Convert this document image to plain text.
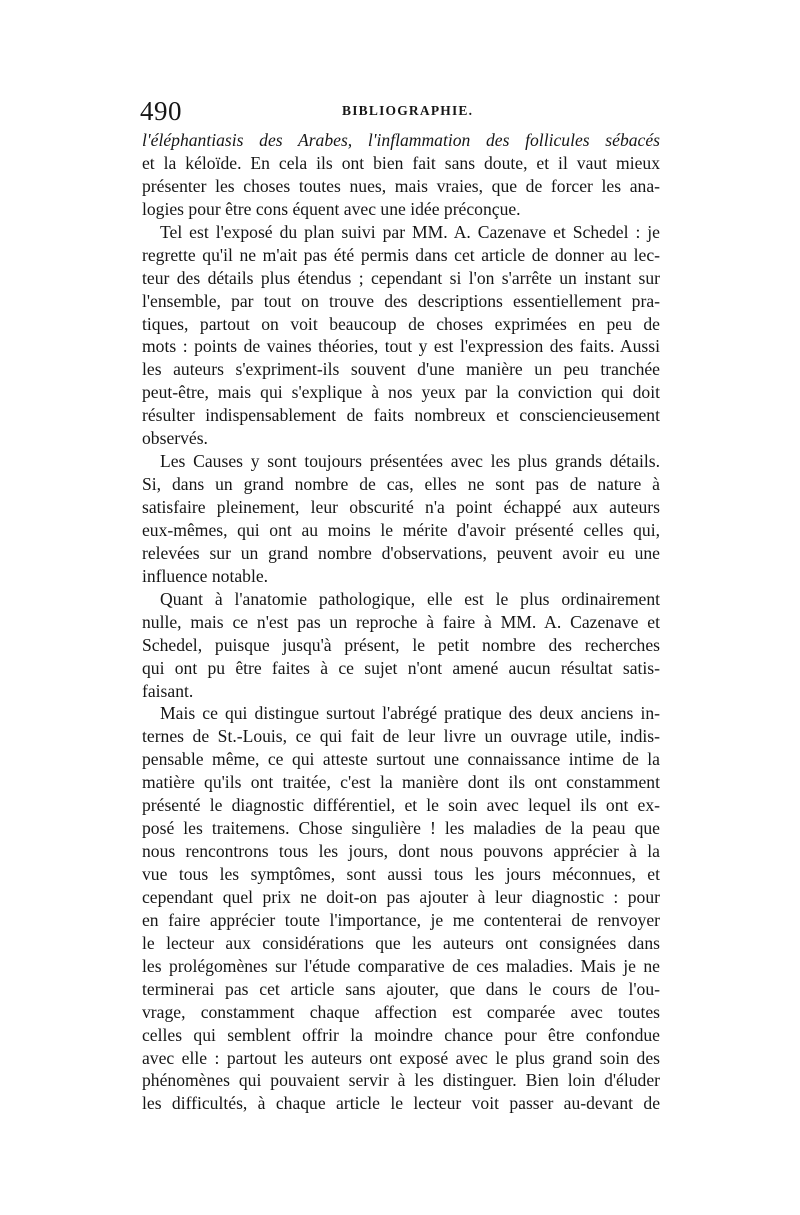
490	BIBLIOGRAPHIE.

l'éléphantiasis des Arabes, l'inflammation des follicules sébacés
et la kéloïde. En cela ils ont bien fait sans doute, et il vaut mieux
présenter les choses toutes nues, mais vraies, que de forcer les ana-
logies pour être cons équent avec une idée préconçue.

Tel est l'exposé du plan suivi par MM. A. Cazenave et Schedel : je
regrette qu'il ne m'ait pas été permis dans cet article de donner au lec-
teur des détails plus étendus ; cependant si l'on s'arrête un instant sur
l'ensemble, par tout on trouve des descriptions essentiellement pra-
tiques, partout on voit beaucoup de choses exprimées en peu de
mots : points de vaines théories, tout y est l'expression des faits. Aussi
les auteurs s'expriment-ils souvent d'une manière un peu tranchée
peut-être, mais qui s'explique à nos yeux par la conviction qui doit
résulter indispensablement de faits nombreux et consciencieusement
observés.

Les Causes y sont toujours présentées avec les plus grands détails.
Si, dans un grand nombre de cas, elles ne sont pas de nature à
satisfaire pleinement, leur obscurité n'a point échappé aux auteurs
eux-mêmes, qui ont au moins le mérite d'avoir présenté celles qui,
relevées sur un grand nombre d'observations, peuvent avoir eu une
influence notable.

Quant à l'anatomie pathologique, elle est le plus ordinairement
nulle, mais ce n'est pas un reproche à faire à MM. A. Cazenave et
Schedel, puisque jusqu'à présent, le petit nombre des recherches
qui ont pu être faites à ce sujet n'ont amené aucun résultat satis-
faisant.

Mais ce qui distingue surtout l'abrégé pratique des deux anciens in-
ternes de St.-Louis, ce qui fait de leur livre un ouvrage utile, indis-
pensable même, ce qui atteste surtout une connaissance intime de la
matière qu'ils ont traitée, c'est la manière dont ils ont constamment
présenté le diagnostic différentiel, et le soin avec lequel ils ont ex-
posé les traitemens. Chose singulière ! les maladies de la peau que
nous rencontrons tous les jours, dont nous pouvons apprécier à la
vue tous les symptômes, sont aussi tous les jours méconnues, et
cependant quel prix ne doit-on pas ajouter à leur diagnostic : pour
en faire apprécier toute l'importance, je me contenterai de renvoyer
le lecteur aux considérations que les auteurs ont consignées dans
les prolégomènes sur l'étude comparative de ces maladies. Mais je ne
terminerai pas cet article sans ajouter, que dans le cours de l'ou-
vrage, constamment chaque affection est comparée avec toutes
celles qui semblent offrir la moindre chance pour être confondue
avec elle : partout les auteurs ont exposé avec le plus grand soin des
phénomènes qui pouvaient servir à les distinguer. Bien loin d'éluder
les difficultés, à chaque article le lecteur voit passer au-devant de
